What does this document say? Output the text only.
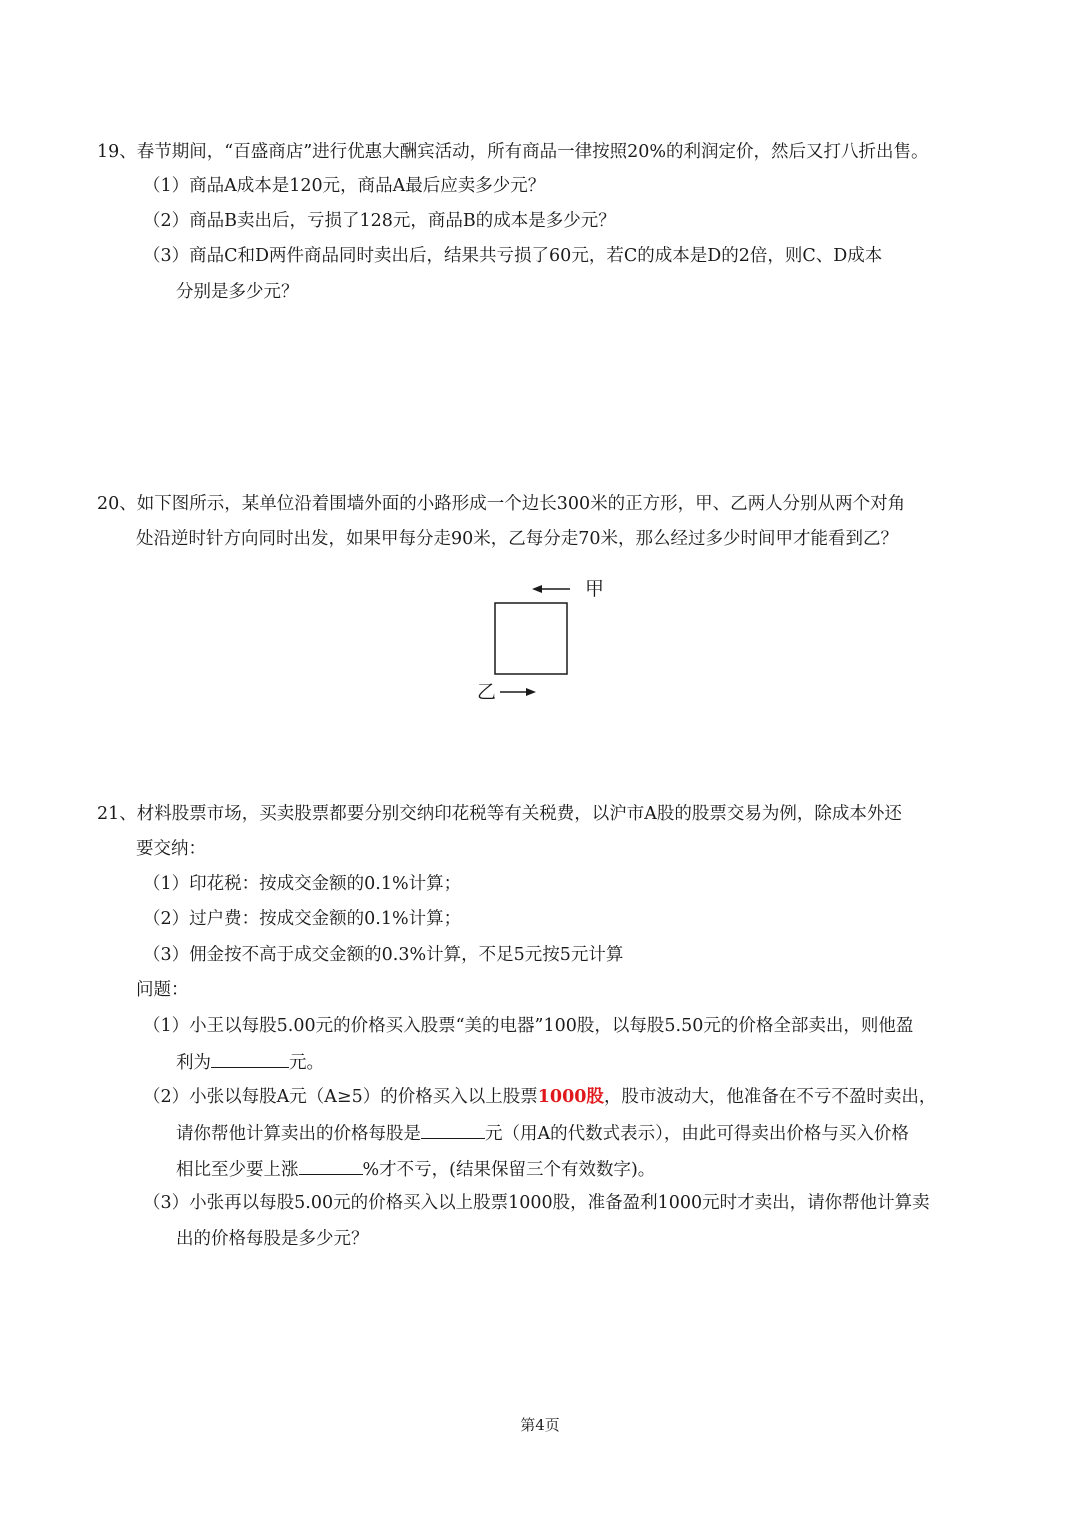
19、春节期间，“百盛商店”进行优惠大酬宾活动，所有商品一律按照20%的利润定价，然后又打八折出售。
（1）商品A成本是120元，商品A最后应卖多少元？
（2）商品B卖出后，亏损了128元，商品B的成本是多少元？
（3）商品C和D两件商品同时卖出后，结果共亏损了60元，若C的成本是D的2倍，则C、D成本
分别是多少元？
20、如下图所示，某单位沿着围墙外面的小路形成一个边长300米的正方形，甲、乙两人分别从两个对角
处沿逆时针方向同时出发，如果甲每分走90米，乙每分走70米，那么经过多少时间甲才能看到乙？
甲
乙
21、材料股票市场，买卖股票都要分别交纳印花税等有关税费，以沪市A股的股票交易为例，除成本外还
要交纳：
（1）印花税：按成交金额的0.1%计算；
（2）过户费：按成交金额的0.1%计算；
（3）佣金按不高于成交金额的0.3%计算，不足5元按5元计算
问题：
（1）小王以每股5.00元的价格买入股票“美的电器”100股，以每股5.50元的价格全部卖出，则他盈
利为	元。
（2）小张以每股A元（A≥5）的价格买入以上股票1000股，股市波动大，他准备在不亏不盈时卖出，
请你帮他计算卖出的价格每股是	元（用A的代数式表示），由此可得卖出价格与买入价格
相比至少要上涨	%才不亏，(结果保留三个有效数字)。
（3）小张再以每股5.00元的价格买入以上股票1000股，准备盈利1000元时才卖出，请你帮他计算卖
出的价格每股是多少元？
第4页
